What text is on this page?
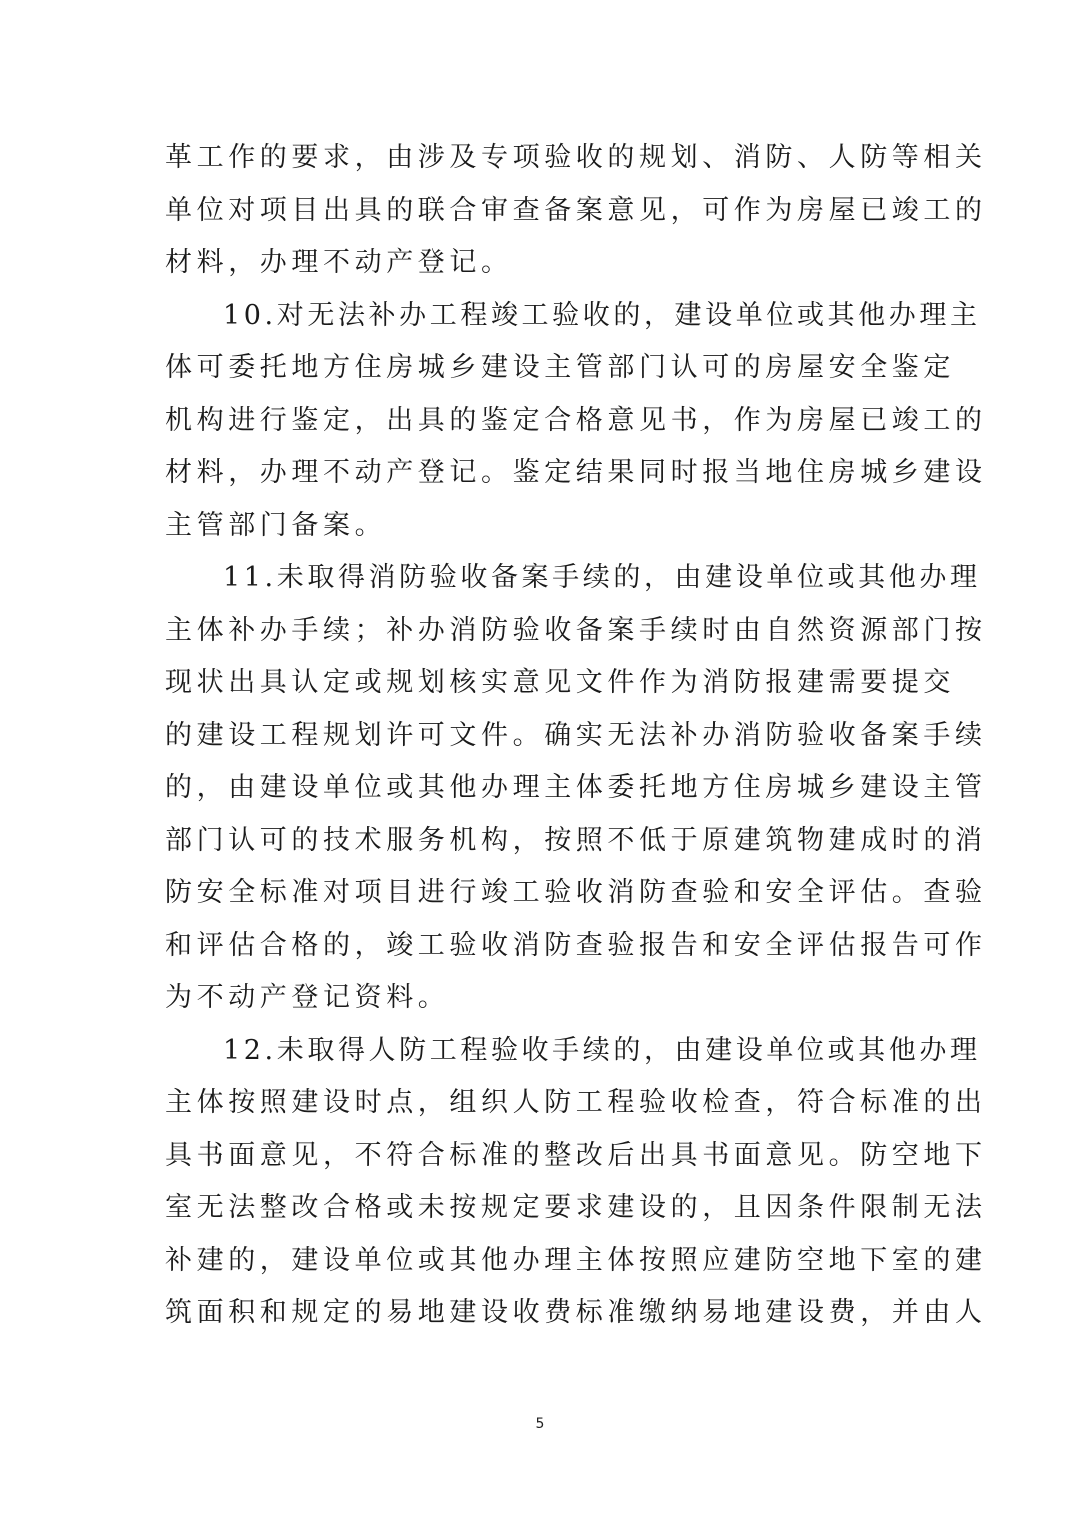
革工作的要求，由涉及专项验收的规划、消防、人防等相关
单位对项目出具的联合审查备案意见，可作为房屋已竣工的
材料，办理不动产登记。
10.对无法补办工程竣工验收的，建设单位或其他办理主
体可委托地方住房城乡建设主管部门认可的房屋安全鉴定
机构进行鉴定，出具的鉴定合格意见书，作为房屋已竣工的
材料，办理不动产登记。鉴定结果同时报当地住房城乡建设
主管部门备案。
11.未取得消防验收备案手续的，由建设单位或其他办理
主体补办手续；补办消防验收备案手续时由自然资源部门按
现状出具认定或规划核实意见文件作为消防报建需要提交
的建设工程规划许可文件。确实无法补办消防验收备案手续
的，由建设单位或其他办理主体委托地方住房城乡建设主管
部门认可的技术服务机构，按照不低于原建筑物建成时的消
防安全标准对项目进行竣工验收消防查验和安全评估。查验
和评估合格的，竣工验收消防查验报告和安全评估报告可作
为不动产登记资料。
12.未取得人防工程验收手续的，由建设单位或其他办理
主体按照建设时点，组织人防工程验收检查，符合标准的出
具书面意见，不符合标准的整改后出具书面意见。防空地下
室无法整改合格或未按规定要求建设的，且因条件限制无法
补建的，建设单位或其他办理主体按照应建防空地下室的建
筑面积和规定的易地建设收费标准缴纳易地建设费，并由人
5
